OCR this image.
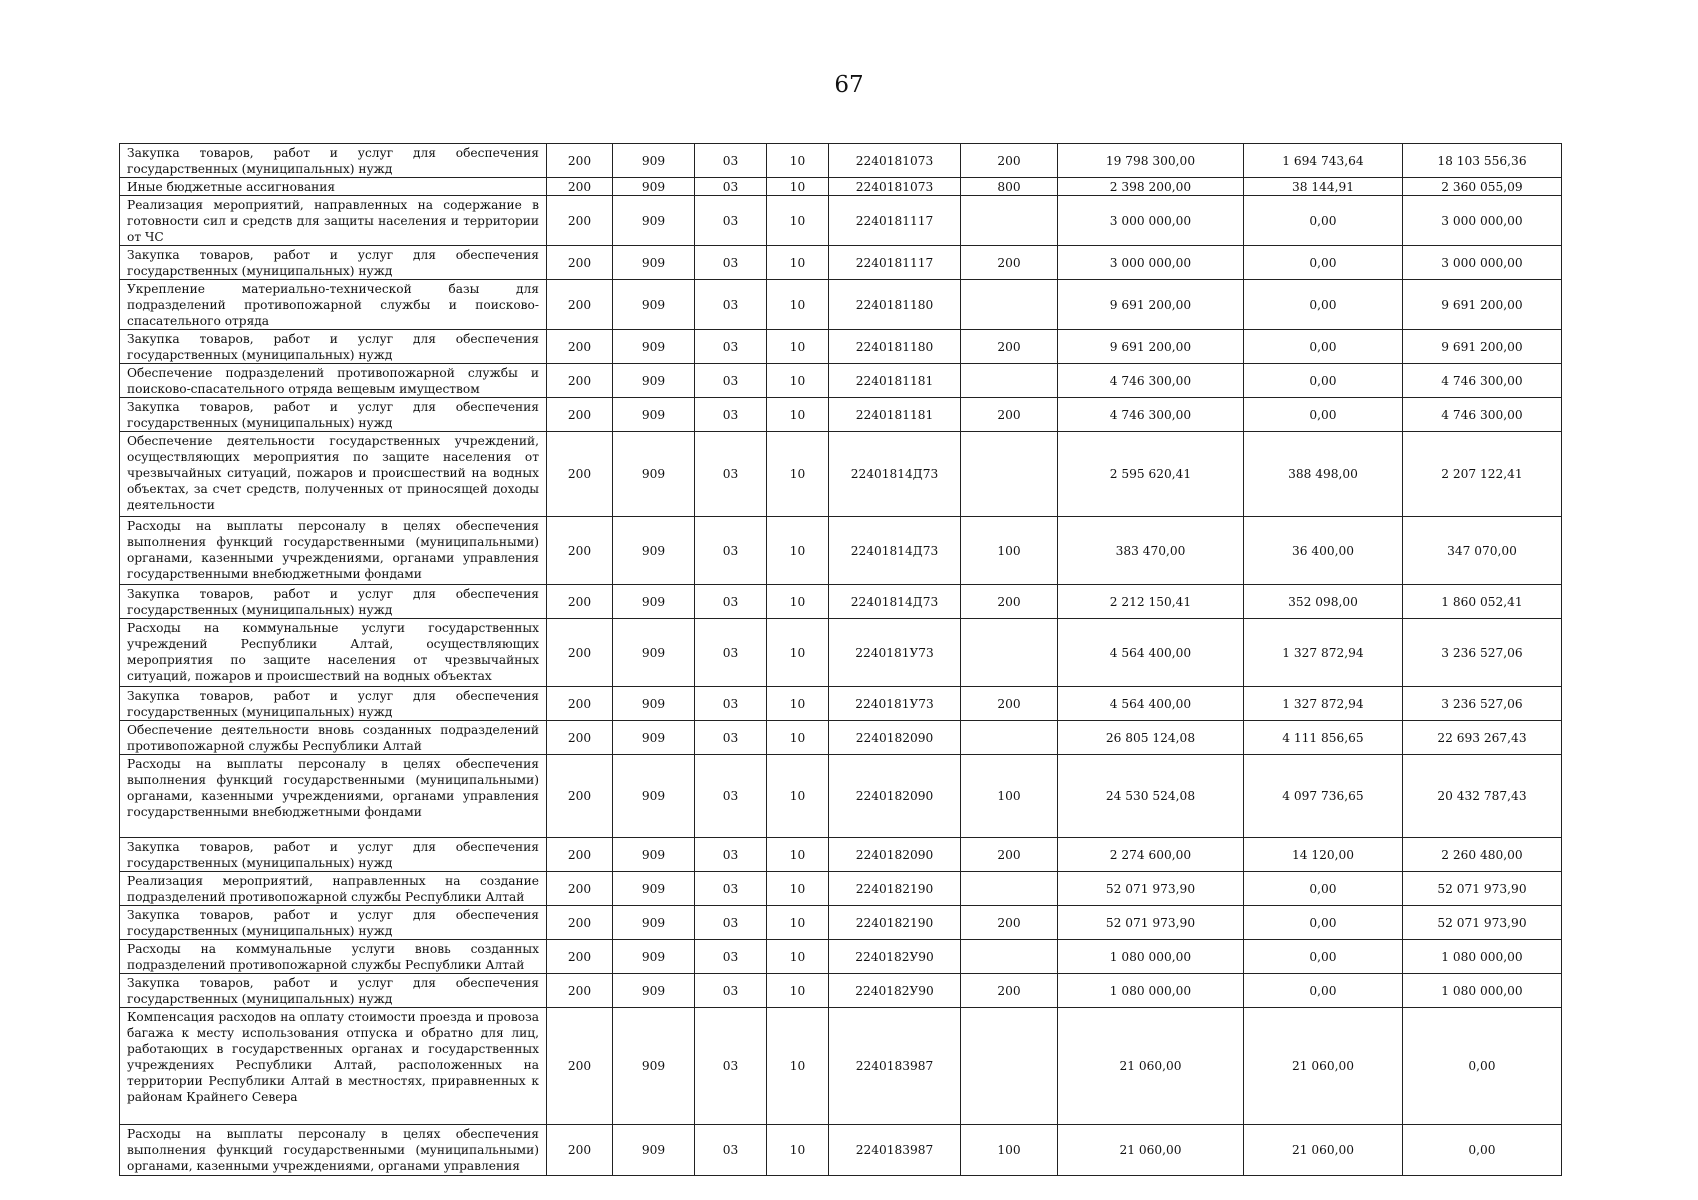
67
Закупка товаров, работ и услуг для обеспечения государственных (муниципальных) нужд	200	909	03	10	2240181073	200	19 798 300,00	1 694 743,64	18 103 556,36
Иные бюджетные ассигнования	200	909	03	10	2240181073	800	2 398 200,00	38 144,91	2 360 055,09
Реализация мероприятий, направленных на содержание в готовности сил и средств для защиты населения и территории от ЧС	200	909	03	10	2240181117		3 000 000,00	0,00	3 000 000,00
Закупка товаров, работ и услуг для обеспечения государственных (муниципальных) нужд	200	909	03	10	2240181117	200	3 000 000,00	0,00	3 000 000,00
Укрепление материально-технической базы для подразделений противопожарной службы и поисково-спасательного отряда	200	909	03	10	2240181180		9 691 200,00	0,00	9 691 200,00
Закупка товаров, работ и услуг для обеспечения государственных (муниципальных) нужд	200	909	03	10	2240181180	200	9 691 200,00	0,00	9 691 200,00
Обеспечение подразделений противопожарной службы и поисково-спасательного отряда вещевым имуществом	200	909	03	10	2240181181		4 746 300,00	0,00	4 746 300,00
Закупка товаров, работ и услуг для обеспечения государственных (муниципальных) нужд	200	909	03	10	2240181181	200	4 746 300,00	0,00	4 746 300,00
Обеспечение деятельности государственных учреждений, осуществляющих мероприятия по защите населения от чрезвычайных ситуаций, пожаров и происшествий на водных объектах, за счет средств, полученных от приносящей доходы деятельности	200	909	03	10	22401814Д73		2 595 620,41	388 498,00	2 207 122,41
Расходы на выплаты персоналу в целях обеспечения выполнения функций государственными (муниципальными) органами, казенными учреждениями, органами управления государственными внебюджетными фондами	200	909	03	10	22401814Д73	100	383 470,00	36 400,00	347 070,00
Закупка товаров, работ и услуг для обеспечения государственных (муниципальных) нужд	200	909	03	10	22401814Д73	200	2 212 150,41	352 098,00	1 860 052,41
Расходы на коммунальные услуги государственных учреждений Республики Алтай, осуществляющих мероприятия по защите населения от чрезвычайных ситуаций, пожаров и происшествий на водных объектах	200	909	03	10	2240181У73		4 564 400,00	1 327 872,94	3 236 527,06
Закупка товаров, работ и услуг для обеспечения государственных (муниципальных) нужд	200	909	03	10	2240181У73	200	4 564 400,00	1 327 872,94	3 236 527,06
Обеспечение деятельности вновь созданных подразделений противопожарной службы Республики Алтай	200	909	03	10	2240182090		26 805 124,08	4 111 856,65	22 693 267,43
Расходы на выплаты персоналу в целях обеспечения выполнения функций государственными (муниципальными) органами, казенными учреждениями, органами управления государственными внебюджетными фондами	200	909	03	10	2240182090	100	24 530 524,08	4 097 736,65	20 432 787,43
Закупка товаров, работ и услуг для обеспечения государственных (муниципальных) нужд	200	909	03	10	2240182090	200	2 274 600,00	14 120,00	2 260 480,00
Реализация мероприятий, направленных на создание подразделений противопожарной службы Республики Алтай	200	909	03	10	2240182190		52 071 973,90	0,00	52 071 973,90
Закупка товаров, работ и услуг для обеспечения государственных (муниципальных) нужд	200	909	03	10	2240182190	200	52 071 973,90	0,00	52 071 973,90
Расходы на коммунальные услуги вновь созданных подразделений противопожарной службы Республики Алтай	200	909	03	10	2240182У90		1 080 000,00	0,00	1 080 000,00
Закупка товаров, работ и услуг для обеспечения государственных (муниципальных) нужд	200	909	03	10	2240182У90	200	1 080 000,00	0,00	1 080 000,00
Компенсация расходов на оплату стоимости проезда и провоза багажа к месту использования отпуска и обратно для лиц, работающих в государственных органах и государственных учреждениях Республики Алтай, расположенных на территории Республики Алтай в местностях, приравненных к районам Крайнего Севера	200	909	03	10	2240183987		21 060,00	21 060,00	0,00
Расходы на выплаты персоналу в целях обеспечения выполнения функций государственными (муниципальными) органами, казенными учреждениями, органами управления	200	909	03	10	2240183987	100	21 060,00	21 060,00	0,00
